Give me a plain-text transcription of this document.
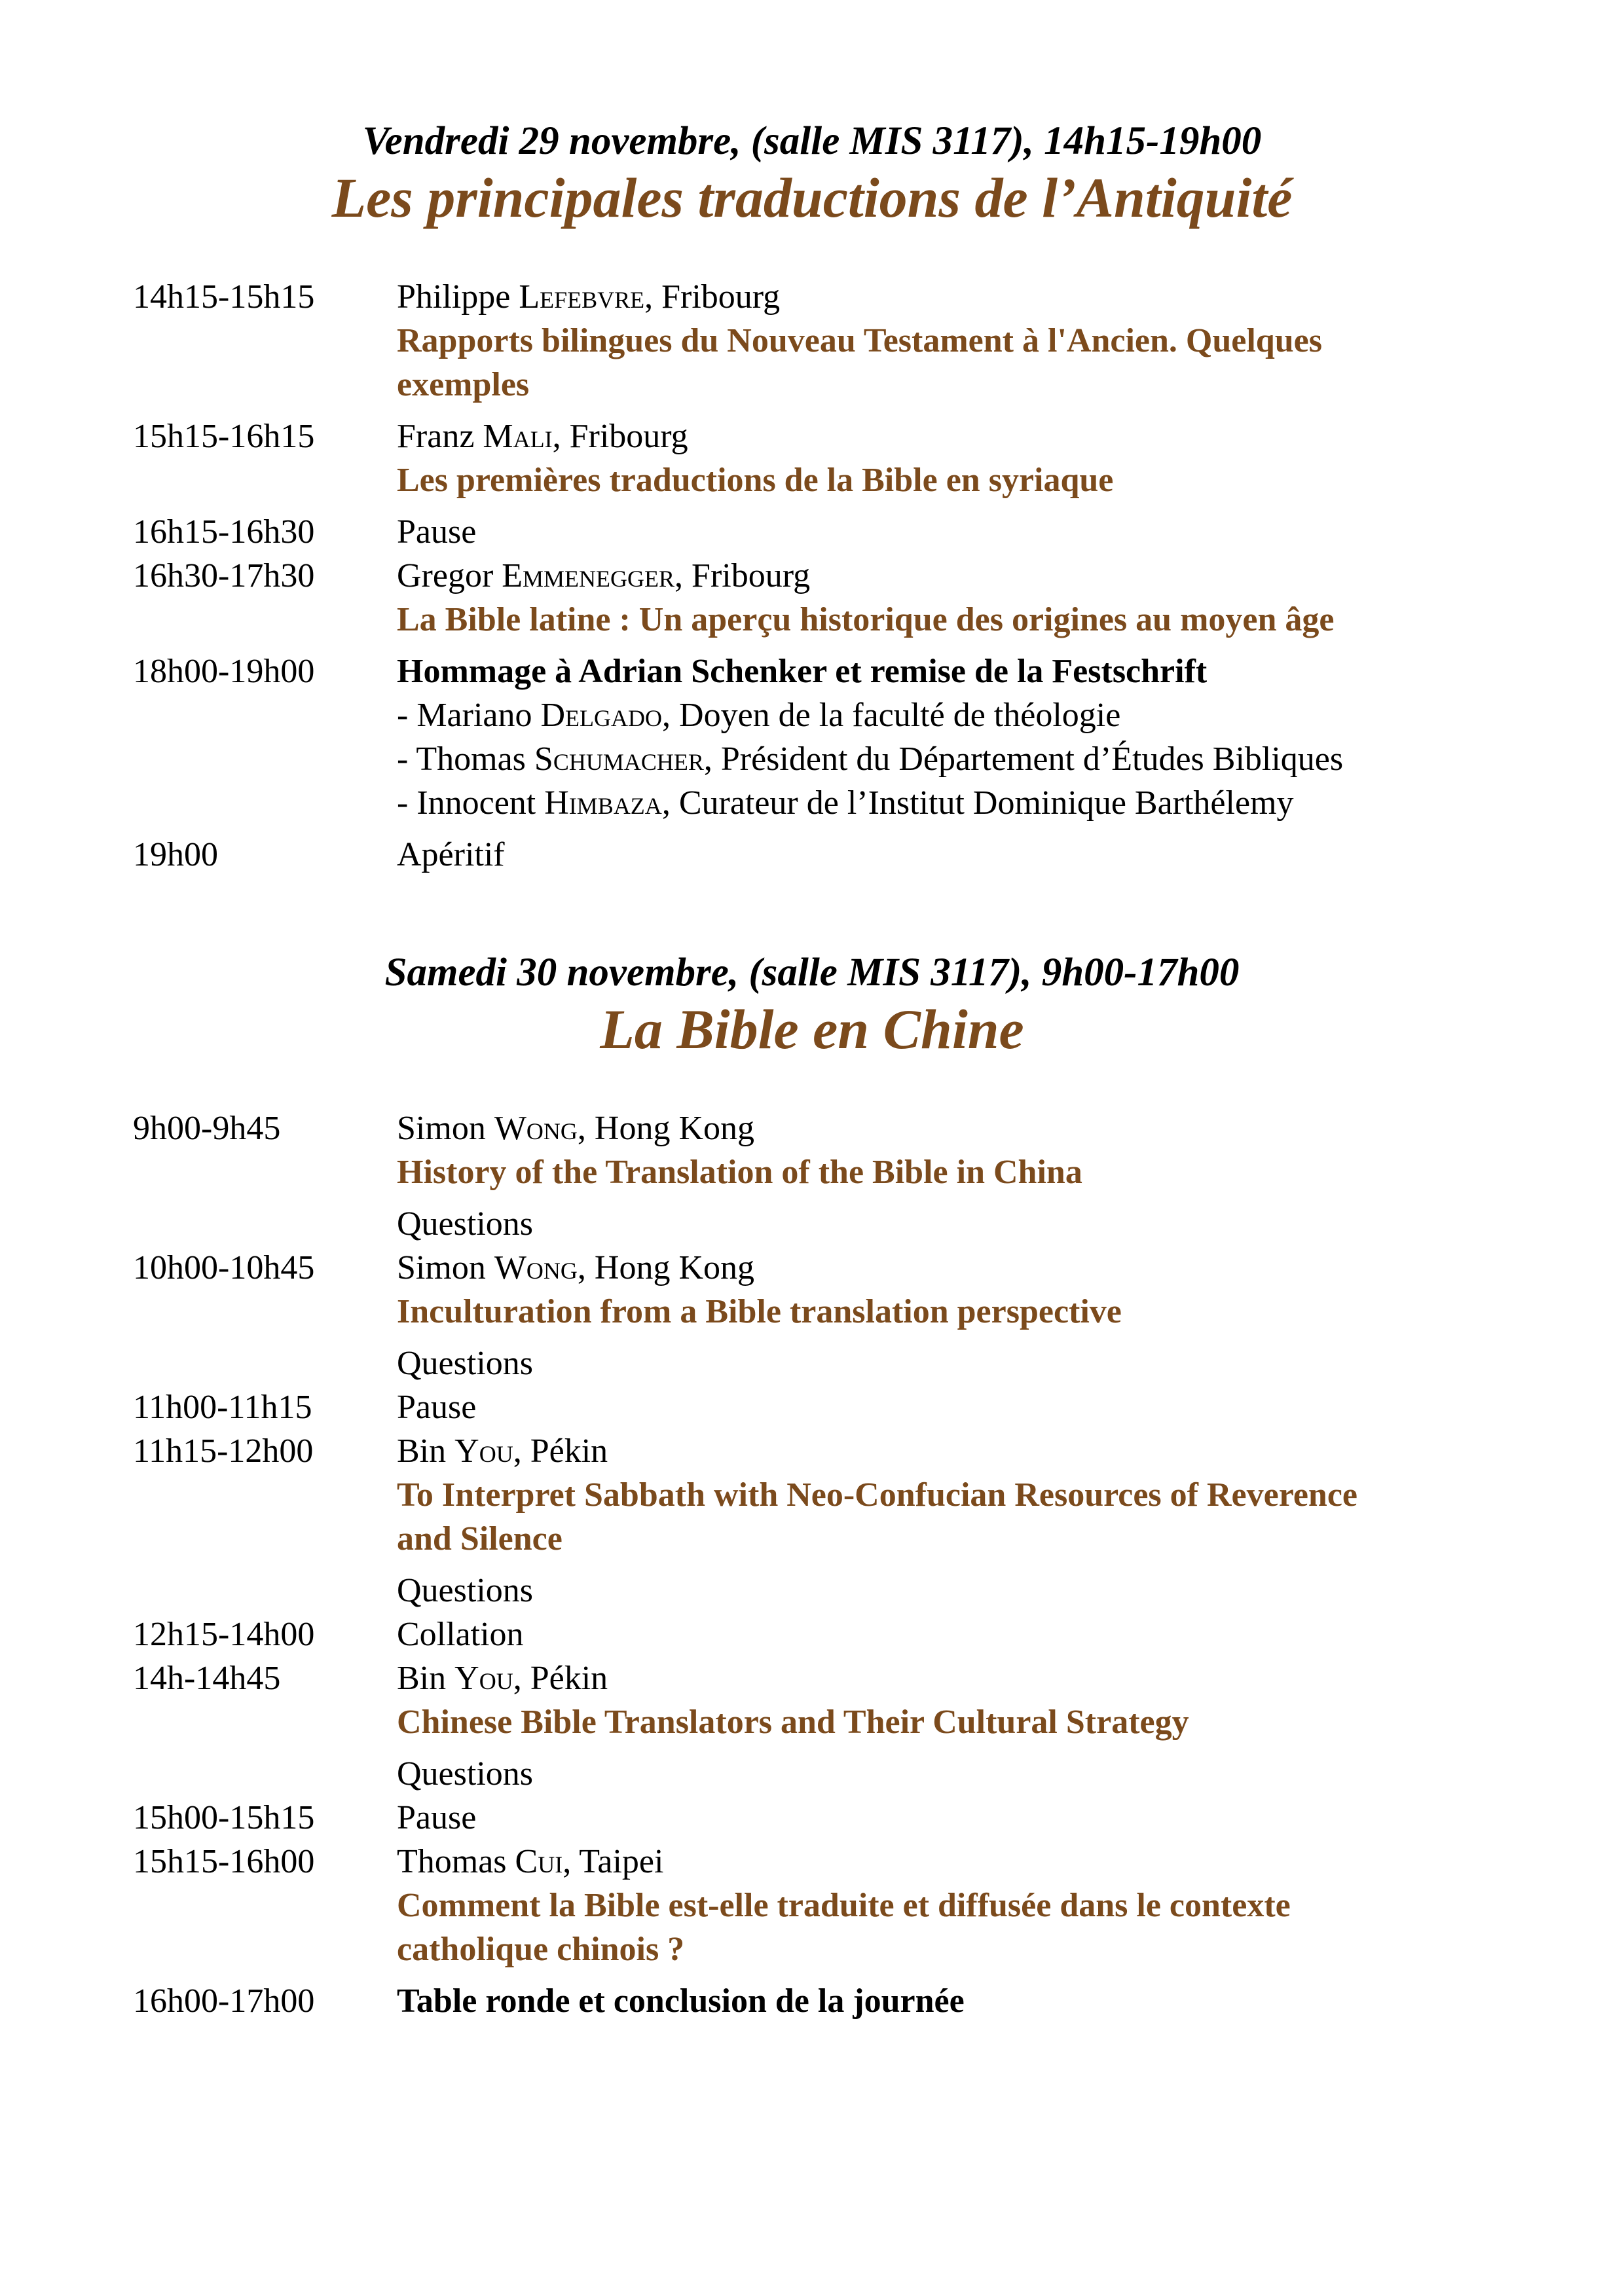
Vendredi 29 novembre, (salle MIS 3117), 14h15-19h00

Les principales traductions de l’Antiquité

14h15-15h15 Philippe Lefebvre, Fribourg
Rapports bilingues du Nouveau Testament à l'Ancien. Quelques
exemples
15h15-16h15 Franz Mali, Fribourg
Les premières traductions de la Bible en syriaque
16h15-16h30 Pause
16h30-17h30 Gregor Emmenegger, Fribourg
La Bible latine : Un aperçu historique des origines au moyen âge
18h00-19h00 Hommage à Adrian Schenker et remise de la Festschrift
- Mariano Delgado, Doyen de la faculté de théologie
- Thomas Schumacher, Président du Département d’Études Bibliques
- Innocent Himbaza, Curateur de l’Institut Dominique Barthélemy
19h00	Apéritif

Samedi 30 novembre, (salle MIS 3117), 9h00-17h00

La Bible en Chine

9h00-9h45	Simon Wong, Hong Kong
History of the Translation of the Bible in China
Questions
10h00-10h45 Simon Wong, Hong Kong
Inculturation from a Bible translation perspective
Questions
11h00-11h15 Pause
11h15-12h00 Bin You, Pékin
To Interpret Sabbath with Neo-Confucian Resources of Reverence
and Silence
Questions
12h15-14h00 Collation
14h-14h45	Bin You, Pékin
Chinese Bible Translators and Their Cultural Strategy
Questions
15h00-15h15 Pause
15h15-16h00 Thomas Cui, Taipei
Comment la Bible est-elle traduite et diffusée dans le contexte
catholique chinois ?
16h00-17h00 Table ronde et conclusion de la journée
